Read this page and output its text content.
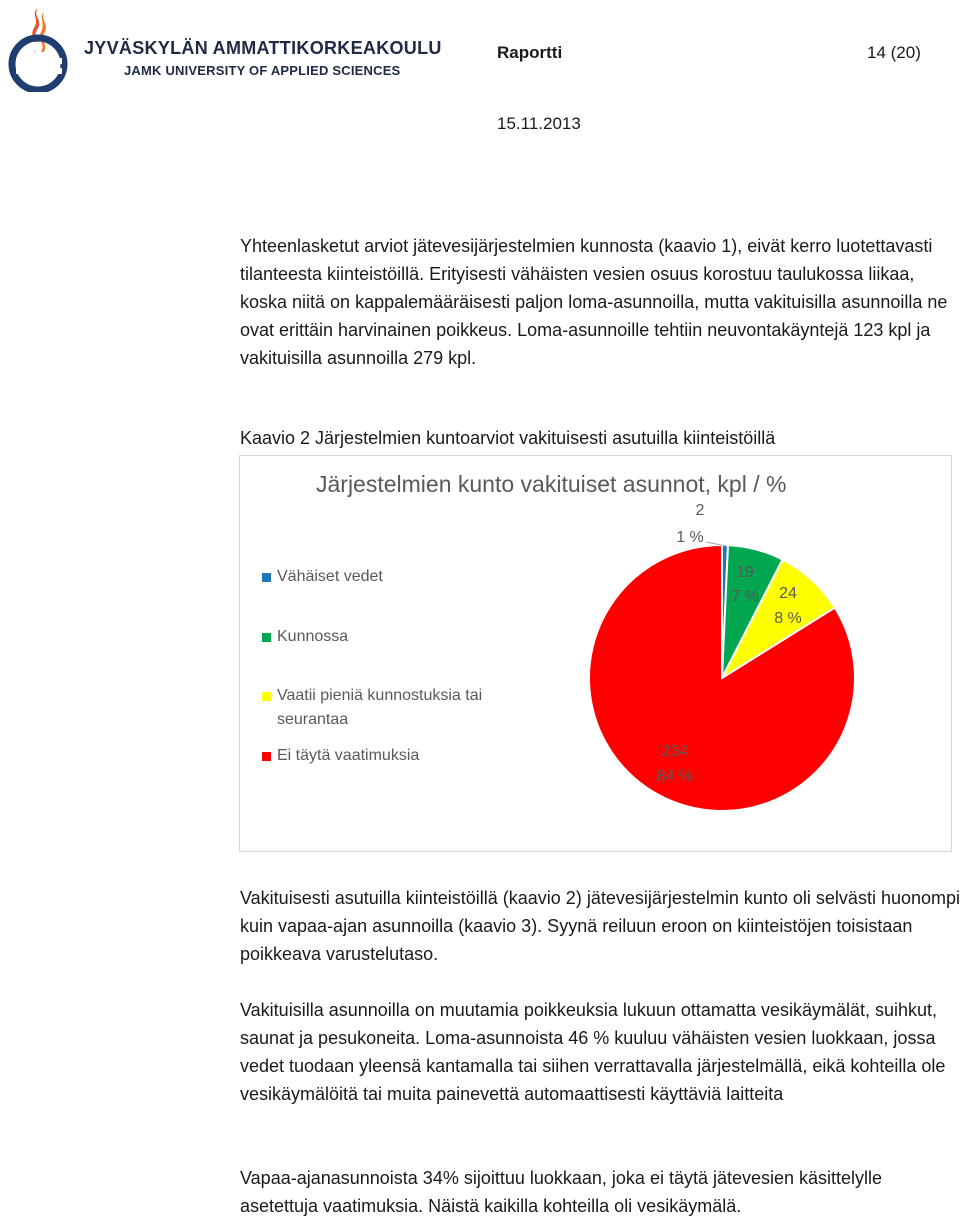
JYVÄSKYLÄN AMMATTIKORKEAKOULU
JAMK UNIVERSITY OF APPLIED SCIENCES
Raportti	14 (20)
15.11.2013

Yhteenlasketut arviot jätevesijärjestelmien kunnosta (kaavio 1), eivät kerro luotettavasti tilanteesta kiinteistöillä. Erityisesti vähäisten vesien osuus korostuu taulukossa liikaa, koska niitä on kappalemääräisesti paljon loma-asunnoilla, mutta vakituisilla asunnoilla ne ovat erittäin harvinainen poikkeus. Loma-asunnoille tehtiin neuvontakäyntejä 123 kpl ja vakituisilla asunnoilla 279 kpl.

Kaavio 2 Järjestelmien kuntoarviot vakituisesti asutuilla kiinteistöillä
Järjestelmien kunto vakituiset asunnot, kpl / %
Vähäiset vedet
Kunnossa
Vaatii pieniä kunnostuksia tai seurantaa
Ei täytä vaatimuksia
2
1 %
19
7 % 24
8 %
234
84 %

Vakituisesti asutuilla kiinteistöillä (kaavio 2) jätevesijärjestelmin kunto oli selvästi huonompi kuin vapaa-ajan asunnoilla (kaavio 3). Syynä reiluun eroon on kiinteistöjen toisistaan poikkeava varustelutaso.

Vakituisilla asunnoilla on muutamia poikkeuksia lukuun ottamatta vesikäymälät, suihkut, saunat ja pesukoneita. Loma-asunnoista 46 % kuuluu vähäisten vesien luokkaan, jossa vedet tuodaan yleensä kantamalla tai siihen verrattavalla järjestelmällä, eikä kohteilla ole vesikäymälöitä tai muita painevettä automaattisesti käyttäviä laitteita

Vapaa-ajanasunnoista 34% sijoittuu luokkaan, joka ei täytä jätevesien käsittelylle asetettuja vaatimuksia. Näistä kaikilla kohteilla oli vesikäymälä.
